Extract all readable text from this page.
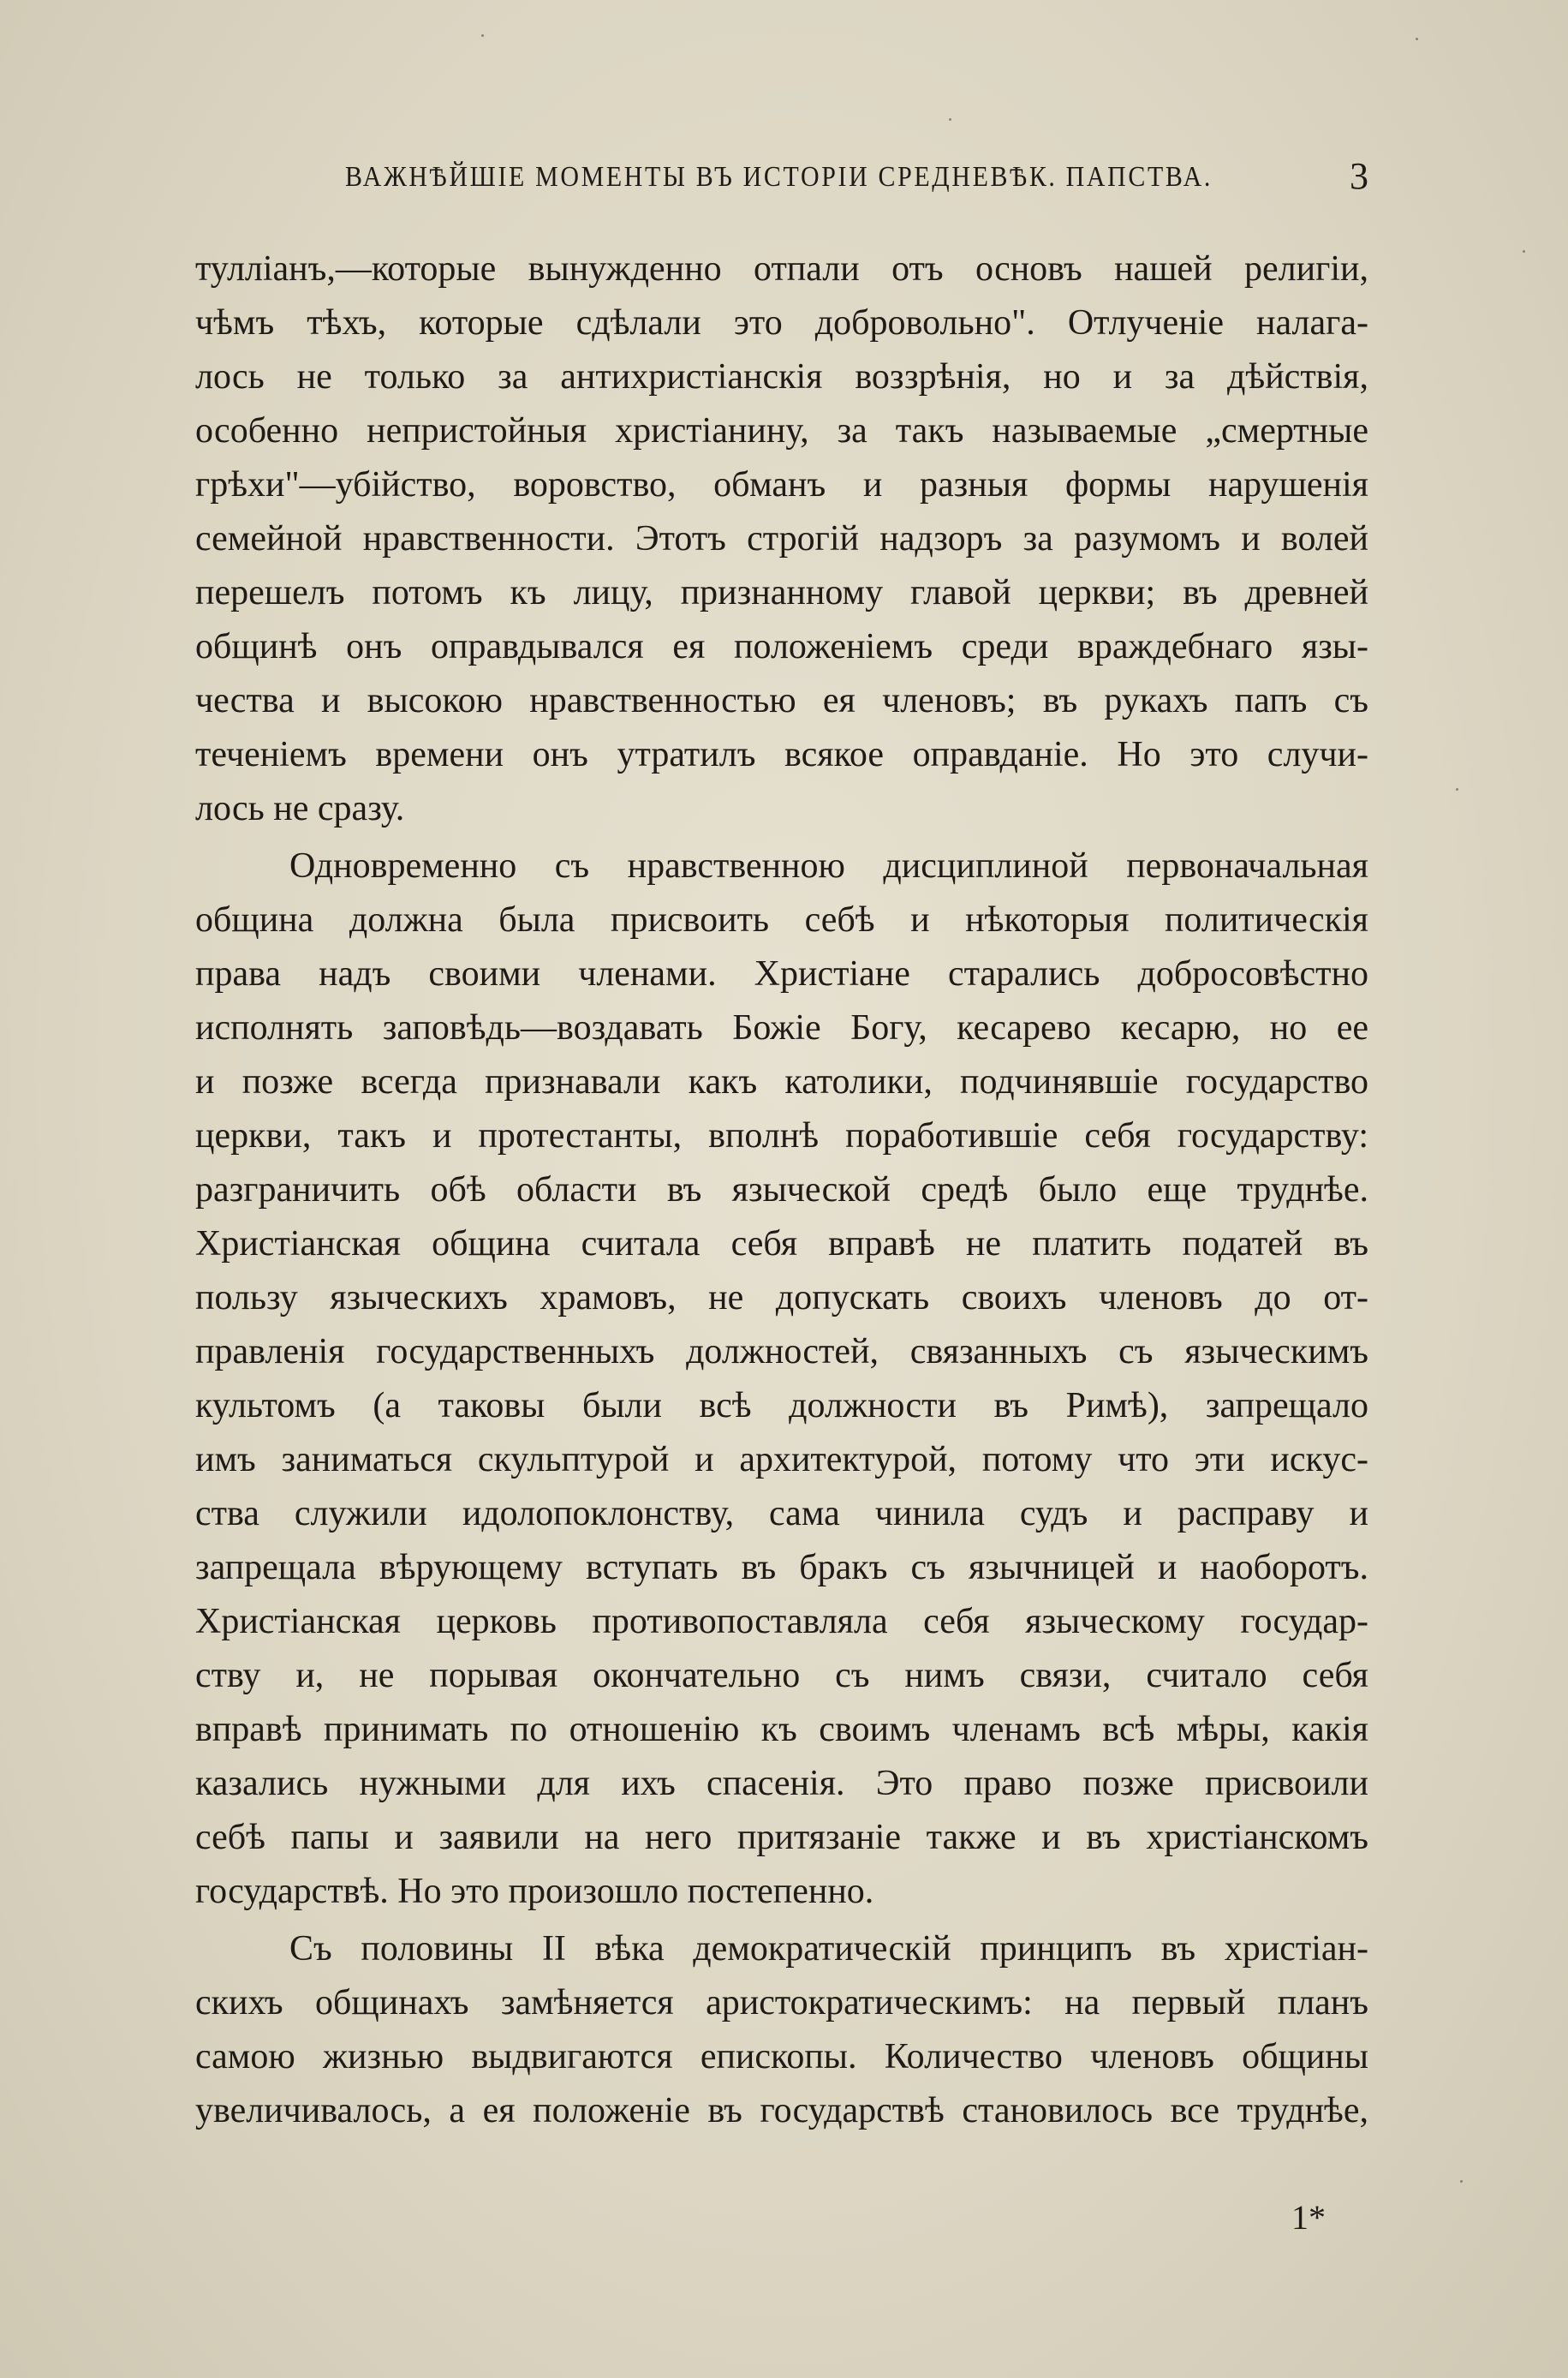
ВАЖНѢЙШІЕ МОМЕНТЫ ВЪ ИСТОРІИ СРЕДНЕВѢК. ПАПСТВА.	3
туллiанъ,—которые вынужденно отпали отъ основъ нашей религiи,
чѣмъ тѣхъ, которые сдѣлали это добровольно". Отлученiе налага-
лось не только за антихристiанскiя воззрѣнiя, но и за дѣйствiя,
особенно непристойныя христiанину, за такъ называемые „смертные
грѣхи"—убiйство, воровство, обманъ и разныя формы нарушенiя
семейной нравственности. Этотъ строгiй надзоръ за разумомъ и волей
перешелъ потомъ къ лицу, признанному главой церкви; въ древней
общинѣ онъ оправдывался ея положенiемъ среди враждебнаго язы-
чества и высокою нравственностью ея членовъ; въ рукахъ папъ съ
теченiемъ времени онъ утратилъ всякое оправданiе. Но это случи-
лось не сразу.
Одновременно съ нравственною дисциплиной первоначальная
община должна была присвоить себѣ и нѣкоторыя политическiя
права надъ своими членами. Христiане старались добросовѣстно
исполнять заповѣдь—воздавать Божiе Богу, кесарево кесарю, но ее
и позже всегда признавали какъ католики, подчинявшiе государство
церкви, такъ и протестанты, вполнѣ поработившiе себя государству:
разграничить обѣ области въ языческой средѣ было еще труднѣе.
Христiанская община считала себя вправѣ не платить податей въ
пользу языческихъ храмовъ, не допускать своихъ членовъ до от-
правленiя государственныхъ должностей, связанныхъ съ языческимъ
культомъ (а таковы были всѣ должности въ Римѣ), запрещало
имъ заниматься скульптурой и архитектурой, потому что эти искус-
ства служили идолопоклонству, сама чинила судъ и расправу и
запрещала вѣрующему вступать въ бракъ съ язычницей и наоборотъ.
Христiанская церковь противопоставляла себя языческому государ-
ству и, не порывая окончательно съ нимъ связи, считало себя
вправѣ принимать по отношенiю къ своимъ членамъ всѣ мѣры, какiя
казались нужными для ихъ спасенiя. Это право позже присвоили
себѣ папы и заявили на него притязанiе также и въ христiанскомъ
государствѣ. Но это произошло постепенно.
Съ половины II вѣка демократическiй принципъ въ христiан-
скихъ общинахъ замѣняется аристократическимъ: на первый планъ
самою жизнью выдвигаются епископы. Количество членовъ общины
увеличивалось, а ея положенiе въ государствѣ становилось все труднѣе,
1*
